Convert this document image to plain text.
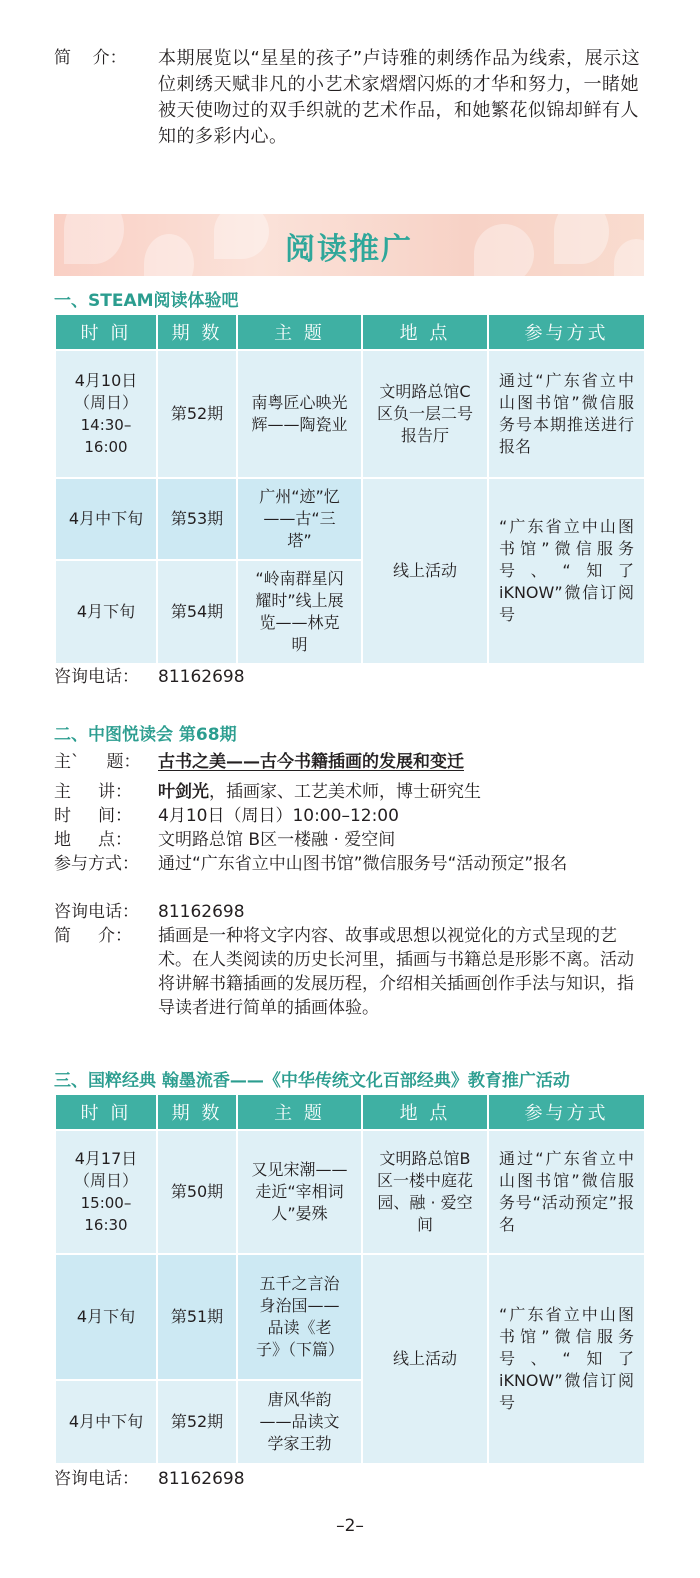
简    介： 本期展览以“星星的孩子”卢诗雅的刺绣作品为线索，展示这位刺绣天赋非凡的小艺术家熠熠闪烁的才华和努力，一睹她被天使吻过的双手织就的艺术作品，和她繁花似锦却鲜有人知的多彩内心。
阅读推广
一、STEAM阅读体验吧
时 间	期 数	主 题	地 点	参与方式

4月10日
（周日）
14:30–16:00	第52期	南粤匠心映光辉——陶瓷业	文明路总馆C区负一层二号报告厅	通过“广东省立中山图书馆”微信服务号本期推送进行报名
4月中下旬	第53期	广州“迹”忆——古“三塔”	线上活动	“广东省立中山图书馆”微信服务号、“知了iKNOW”微信订阅号
4月下旬	第54期	“岭南群星闪耀时”线上展览——林克明		
咨询电话： 81162698
二、中图悦读会 第68期
主`     题： 古书之美——古今书籍插画的发展和变迁
主     讲： 叶剑光，插画家、工艺美术师，博士研究生
时     间： 4月10日（周日）10:00–12:00
地     点： 文明路总馆 B区一楼融 · 爱空间
参与方式： 通过“广东省立中山图书馆”微信服务号“活动预定”报名
咨询电话： 81162698
简     介： 插画是一种将文字内容、故事或思想以视觉化的方式呈现的艺术。在人类阅读的历史长河里，插画与书籍总是形影不离。活动将讲解书籍插画的发展历程，介绍相关插画创作手法与知识，指导读者进行简单的插画体验。
三、国粹经典 翰墨流香——《中华传统文化百部经典》教育推广活动
时 间	期 数	主 题	地 点	参与方式

4月17日
（周日）
15:00–16:30	第50期	又见宋潮——走近“宰相词人”晏殊	文明路总馆B区一楼中庭花园、融 · 爱空间	通过“广东省立中山图书馆”微信服务号“活动预定”报名
4月下旬	第51期	五千之言治身治国——品读《老子》（下篇）	线上活动	“广东省立中山图书馆”微信服务号、“知了iKNOW”微信订阅号
4月中下旬	第52期	唐风华韵——品读文学家王勃		
咨询电话： 81162698
–2–
